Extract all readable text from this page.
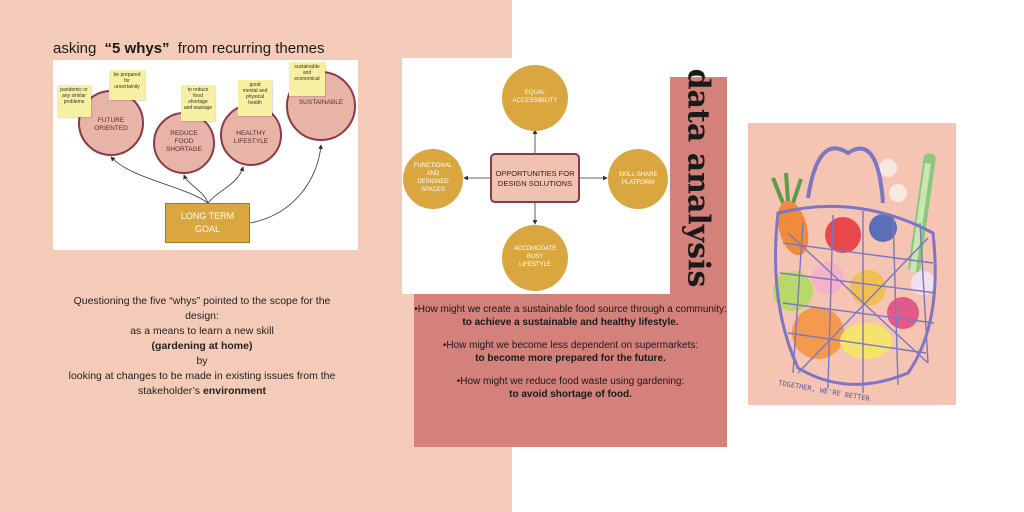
asking “5 whys” from recurring themes
FUTURE
ORIENTED
REDUCE
FOOD
SHORTAGE
HEALTHY
LIFESTYLE
SUSTAINABLE
pandemic or
any similar
problems
be prepared
for
uncertainity	to reduce
food
shortage
and wastage
good
mental and
physical
health
sustainable
and
economical
LONG TERM
GOAL
Questioning the five “whys” pointed to the scope for the design:
as a means to learn a new skill
(gardening at home)
by
looking at changes to be made in existing issues from the stakeholder’s environment
EQUAL
ACCESSIBILITY
FUNCTIONAL
AND
DESIGNED
SPACES
SKILL-SHARE
PLATFORM
ACCOMODATE
BUSY
LIFESTYLE
OPPORTUNITIES FOR
DESIGN SOLUTIONS	data analysis
•How might we create a sustainable food source through a community:
to achieve a sustainable and healthy lifestyle.
•How might we become less dependent on supermarkets:
to become more prepared for the future.
•How might we reduce food waste using gardening:
to avoid shortage of food.	TOGETHER, WE'RE BETTER
